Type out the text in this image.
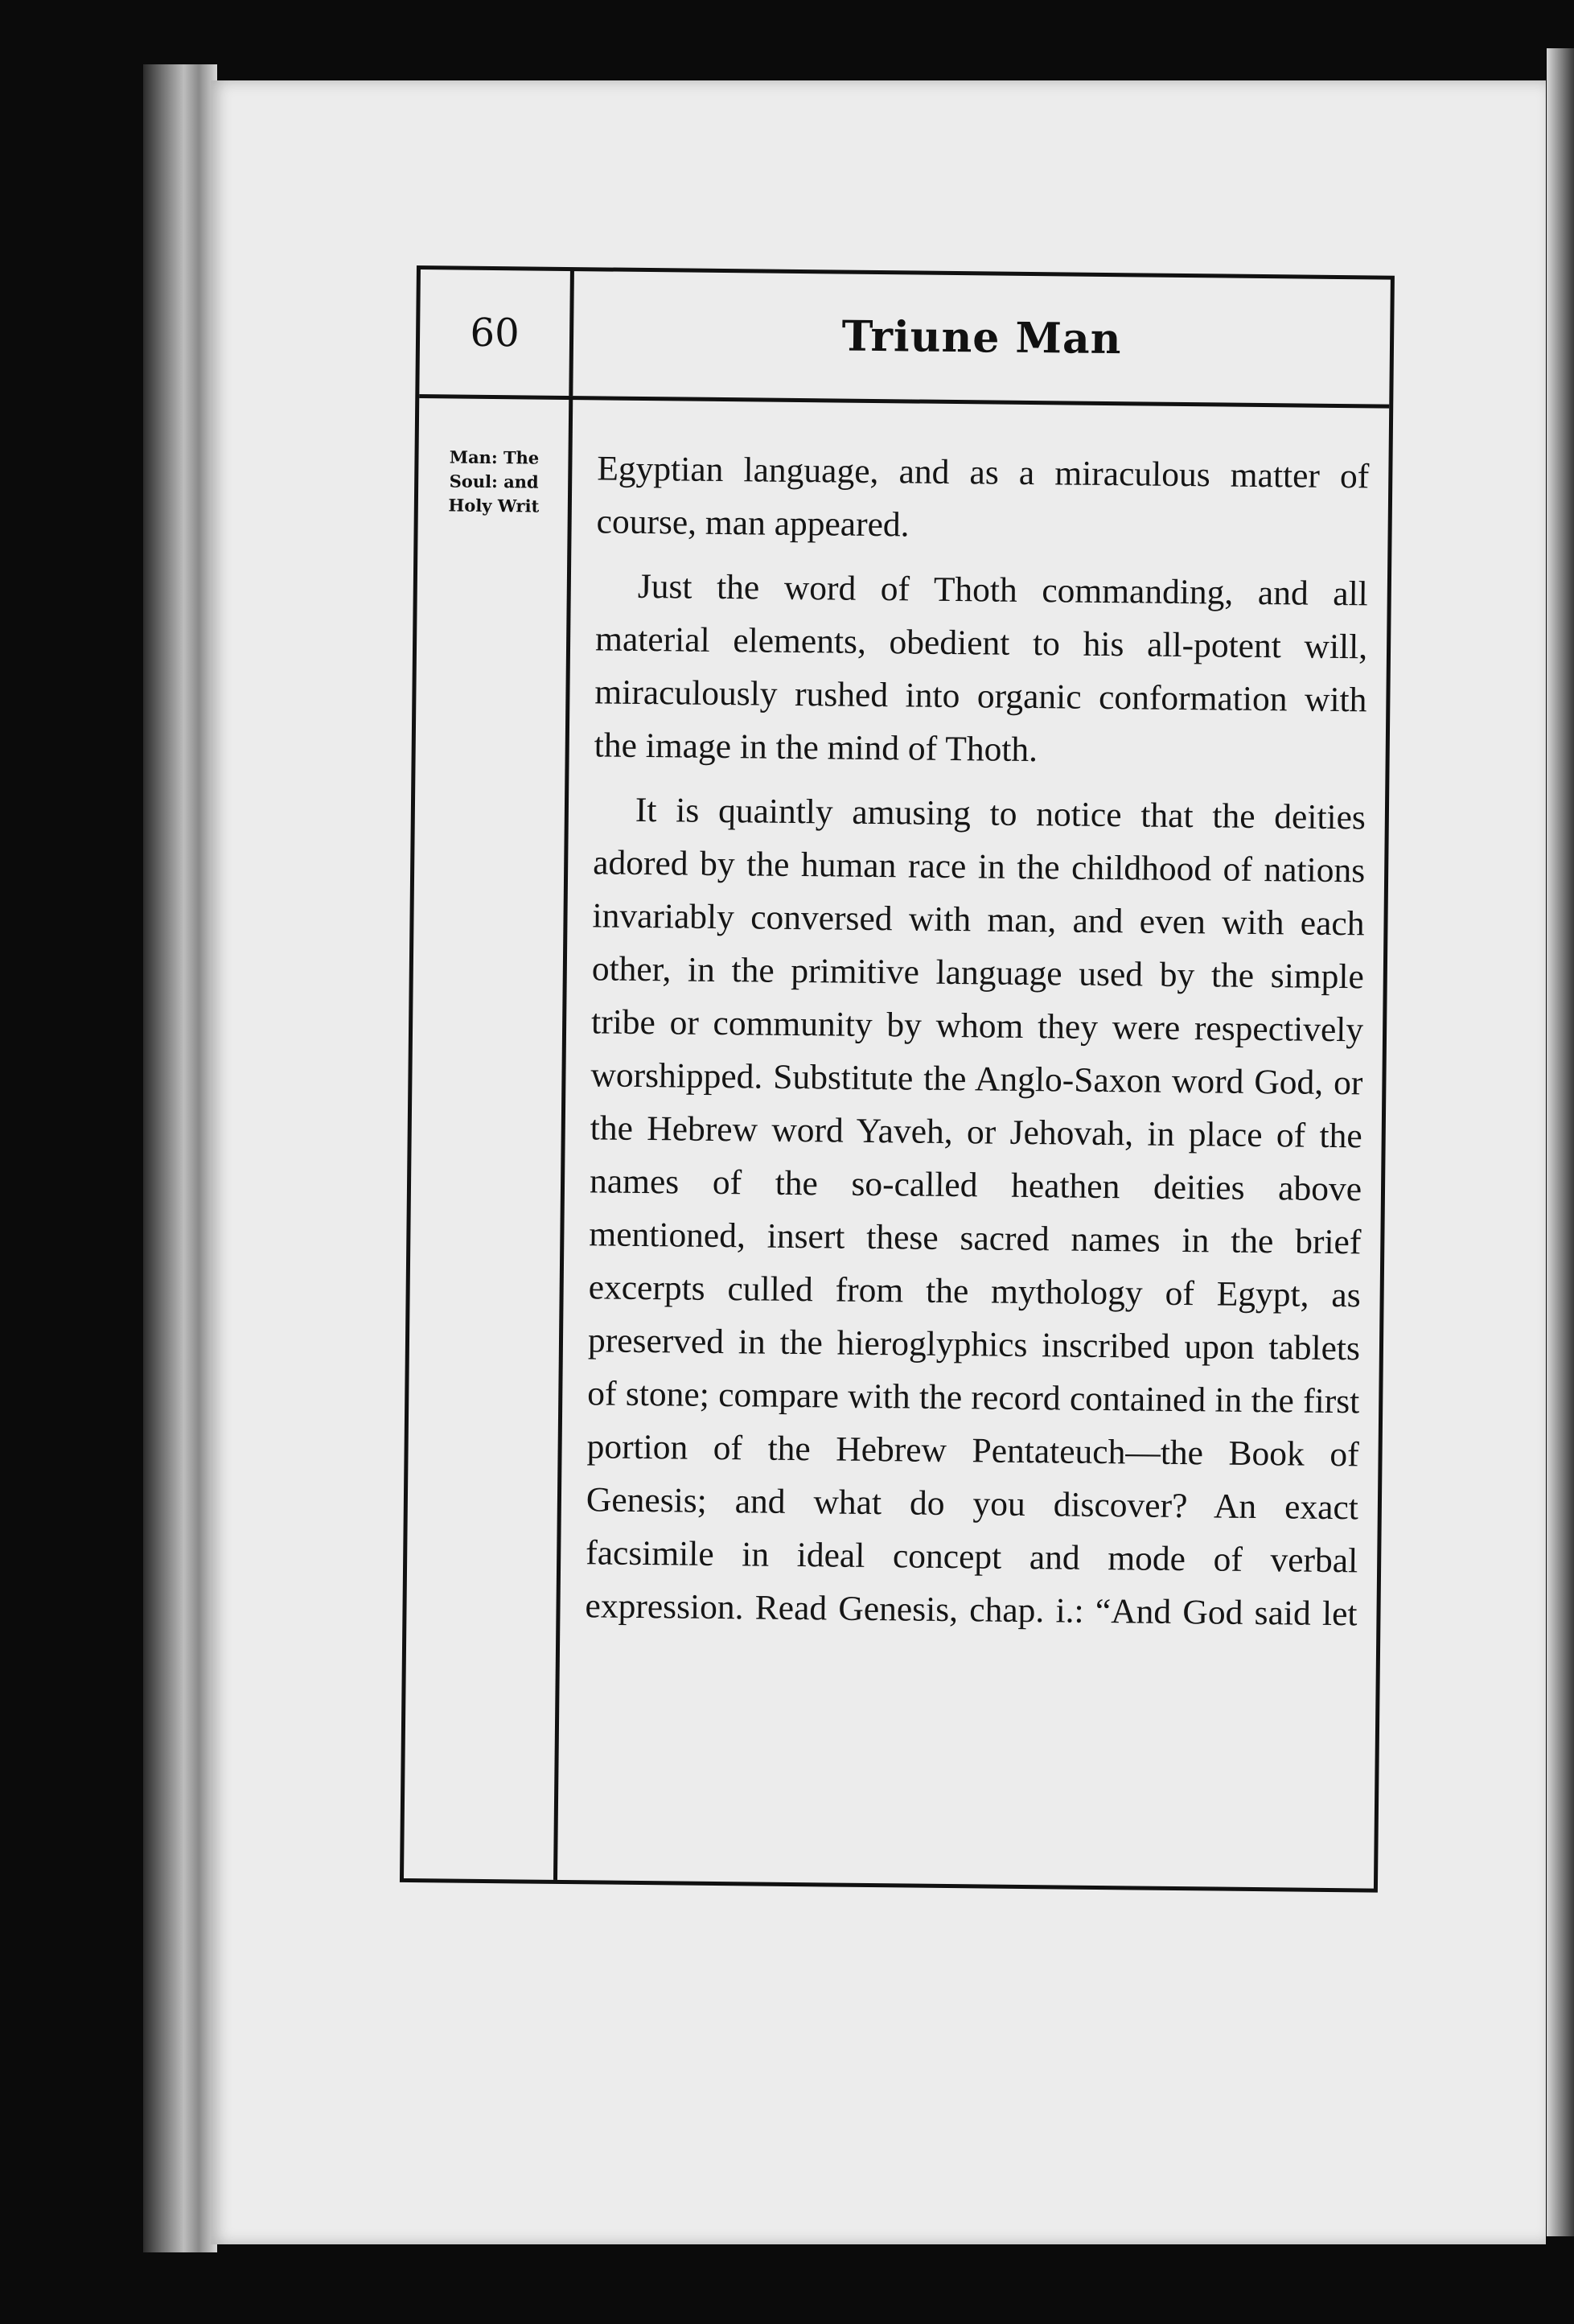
60	Triune Man
Man: The Soul: and Holy Writ

Egyptian language, and as a miraculous matter of course, man appeared.

Just the word of Thoth commanding, and all material elements, obedient to his all-potent will, miraculously rushed into organic conformation with the image in the mind of Thoth.

It is quaintly amusing to notice that the deities adored by the human race in the childhood of nations invariably conversed with man, and even with each other, in the primitive language used by the simple tribe or community by whom they were respectively worshipped. Substitute the Anglo-Saxon word God, or the Hebrew word Yaveh, or Jehovah, in place of the names of the so-called heathen deities above mentioned, insert these sacred names in the brief excerpts culled from the mythology of Egypt, as preserved in the hieroglyphics inscribed upon tablets of stone; compare with the record contained in the first portion of the Hebrew Pentateuch—the Book of Genesis; and what do you discover? An exact facsimile in ideal concept and mode of verbal expression. Read Genesis, chap. i.: “And God said let
